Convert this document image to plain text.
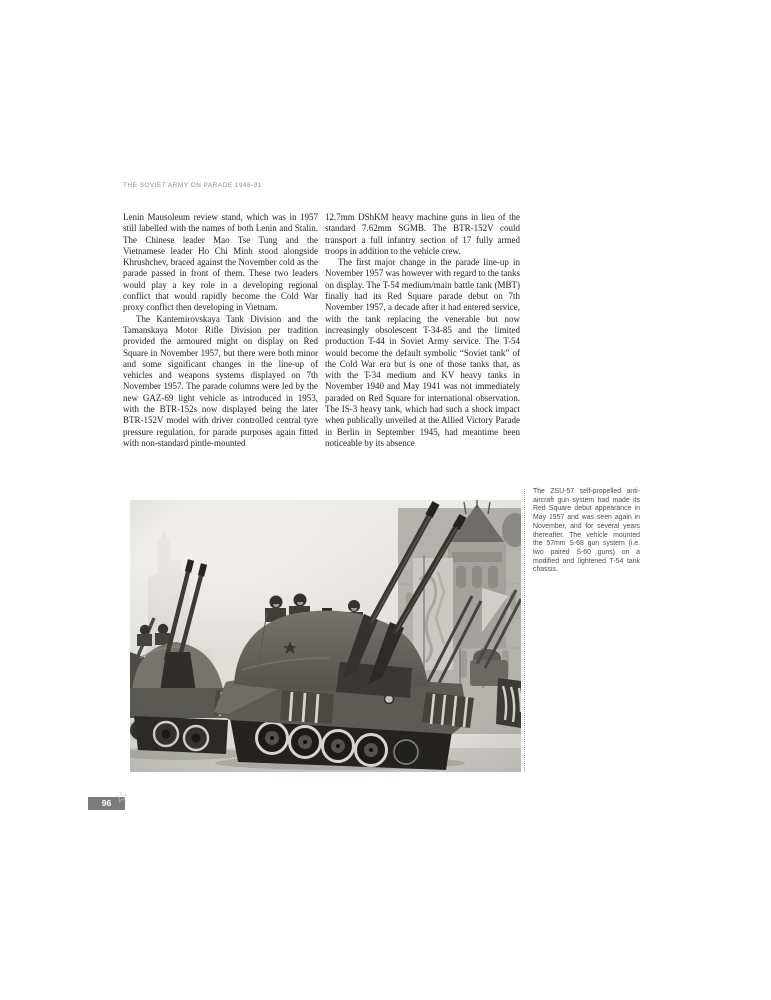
THE SOVIET ARMY ON PARADE 1946-91

Lenin Mausoleum review stand, which was in 1957 still labelled with the names of both Lenin and Stalin. The Chinese leader Mao Tse Tung and the Vietnamese leader Ho Chi Minh stood alongside Khrushchev, braced against the November cold as the parade passed in front of them. These two leaders would play a key role in a developing regional conflict that would rapidly become the Cold War proxy conflict then developing in Vietnam.

The Kantemirovskaya Tank Division and the Tamanskaya Motor Rifle Division per tradition provided the armoured might on display on Red Square in November 1957, but there were both minor and some significant changes in the line-up of vehicles and weapons systems displayed on 7th November 1957. The parade columns were led by the new GAZ-69 light vehicle as introduced in 1953, with the BTR-152s now displayed being the later BTR-152V model with driver controlled central tyre pressure regulation, for parade purposes again fitted with non-standard pintle-mounted

12.7mm DShKM heavy machine guns in lieu of the standard 7.62mm SGMB. The BTR-152V could transport a full infantry section of 17 fully armed troops in addition to the vehicle crew.

The first major change in the parade line-up in November 1957 was however with regard to the tanks on display. The T-54 medium/main battle tank (MBT) finally had its Red Square parade debut on 7th November 1957, a decade after it had entered service, with the tank replacing the venerable but now increasingly obsolescent T-34-85 and the limited production T-44 in Soviet Army service. The T-54 would become the default symbolic “Soviet tank” of the Cold War era but is one of those tanks that, as with the T-34 medium and KV heavy tanks in November 1940 and May 1941 was not immediately paraded on Red Square for international observation. The IS-3 heavy tank, which had such a shock impact when publically unveiled at the Allied Victory Parade in Berlin in September 1945, had meantime been noticeable by its absence

The ZSU-57 self-propelled anti-aircraft gun system had made its Red Square debut appearance in May 1957 and was seen again in November, and for several years thereafter. The vehicle mounted the 57mm S-68 gun system (i.e. two paired S-60 guns) on a modified and lightened T-54 tank chassis.
96 ☆
